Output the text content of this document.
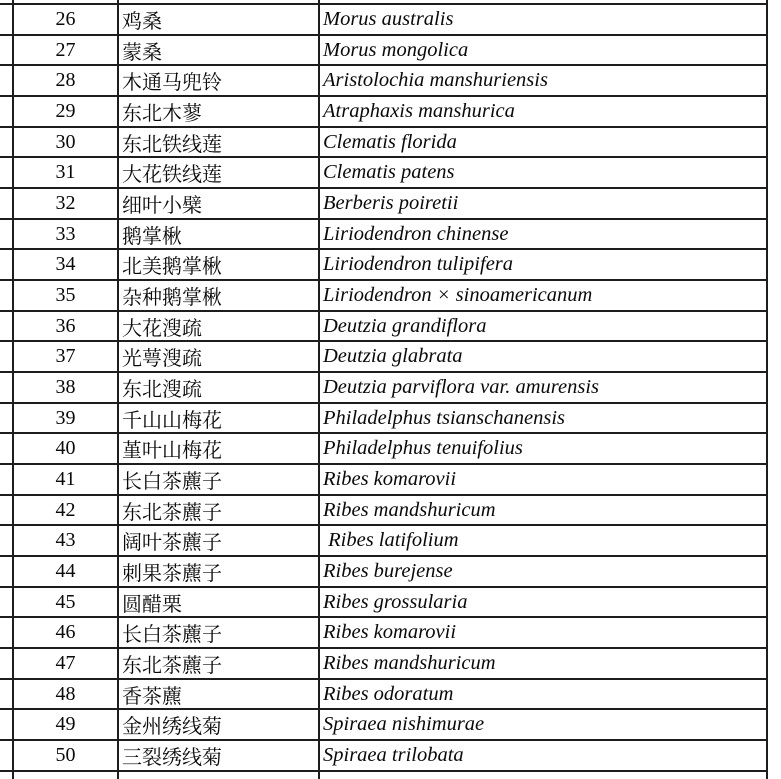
26 鸡桑	Morus australis
27 蒙桑	Morus mongolica
28 木通马兜铃	Aristolochia manshuriensis
29 东北木蓼	Atraphaxis manshurica
30 东北铁线莲	Clematis florida
31 大花铁线莲	Clematis patens
32 细叶小檗	Berberis poiretii
33 鹅掌楸	Liriodendron chinense
34 北美鹅掌楸	Liriodendron tulipifera
35 杂种鹅掌楸	Liriodendron × sinoamericanum
36 大花溲疏	Deutzia grandiflora
37 光萼溲疏	Deutzia glabrata
38 东北溲疏	Deutzia parviflora var. amurensis
39 千山山梅花	Philadelphus tsianschanensis
40 堇叶山梅花	Philadelphus tenuifolius
41 长白茶藨子	Ribes komarovii
42 东北茶藨子	Ribes mandshuricum
43 阔叶茶藨子	Ribes latifolium
44 刺果茶藨子	Ribes burejense
45 圆醋栗	Ribes grossularia
46 长白茶藨子	Ribes komarovii
47 东北茶藨子	Ribes mandshuricum
48 香茶藨	Ribes odoratum
49 金州绣线菊	Spiraea nishimurae
50 三裂绣线菊	Spiraea trilobata
